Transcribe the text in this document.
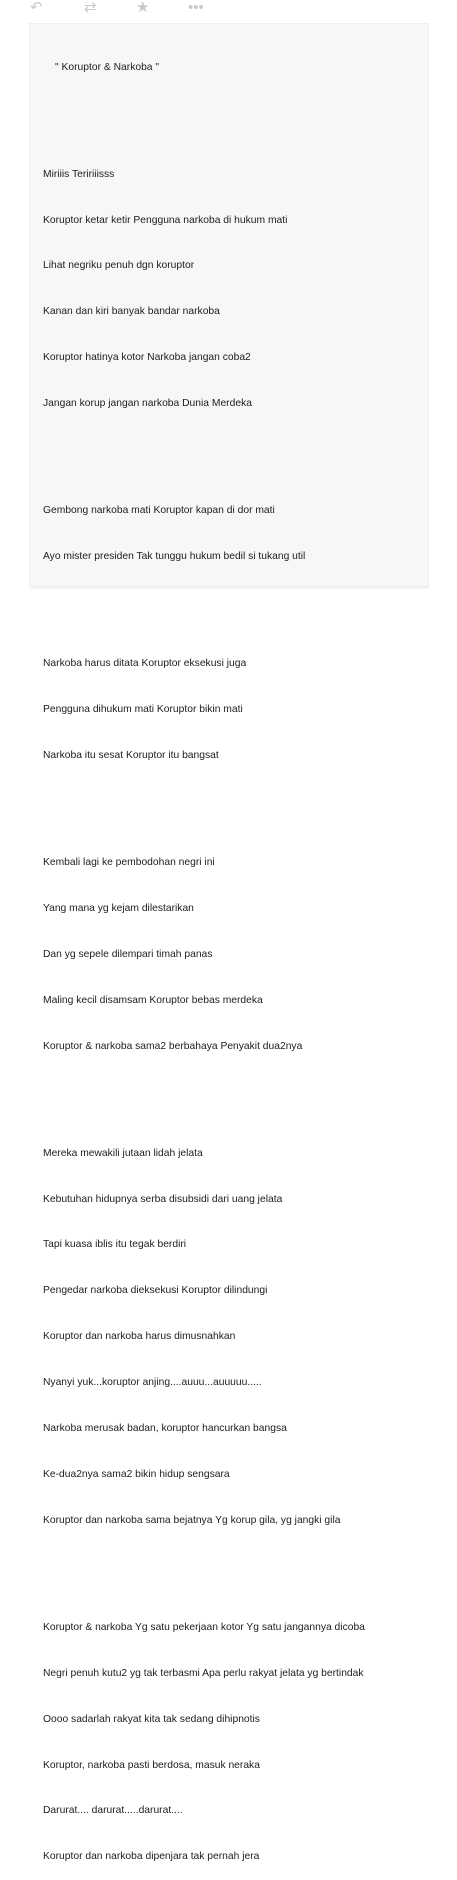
↶	⇄	★	•••

" Koruptor & Narkoba "

Miriiis Teririiisss

Koruptor ketar ketir Pengguna narkoba di hukum mati

Lihat negriku penuh dgn koruptor

Kanan dan kiri banyak bandar narkoba

Koruptor hatinya kotor Narkoba jangan coba2

Jangan korup jangan narkoba Dunia Merdeka

Gembong narkoba mati Koruptor kapan di dor mati

Ayo mister presiden Tak tunggu hukum bedil si tukang util

Narkoba harus ditata Koruptor eksekusi juga

Pengguna dihukum mati Koruptor bikin mati

Narkoba itu sesat Koruptor itu bangsat

Kembali lagi ke pembodohan negri ini

Yang mana yg kejam dilestarikan

Dan yg sepele dilempari timah panas

Maling kecil disamsam Koruptor bebas merdeka

Koruptor & narkoba sama2 berbahaya Penyakit dua2nya

Mereka mewakili jutaan lidah jelata

Kebutuhan hidupnya serba disubsidi dari uang jelata

Tapi kuasa iblis itu tegak berdiri

Pengedar narkoba dieksekusi Koruptor dilindungi

Koruptor dan narkoba harus dimusnahkan

Nyanyi yuk...koruptor anjing....auuu...auuuuu.....

Narkoba merusak badan, koruptor hancurkan bangsa

Ke-dua2nya sama2 bikin hidup sengsara

Koruptor dan narkoba sama bejatnya Yg korup gila, yg jangki gila

Koruptor & narkoba Yg satu pekerjaan kotor Yg satu jangannya dicoba

Negri penuh kutu2 yg tak terbasmi Apa perlu rakyat jelata yg bertindak

Oooo sadarlah rakyat kita tak sedang dihipnotis

Koruptor, narkoba pasti berdosa, masuk neraka

Darurat.... darurat.....darurat....

Koruptor dan narkoba dipenjara tak pernah jera
